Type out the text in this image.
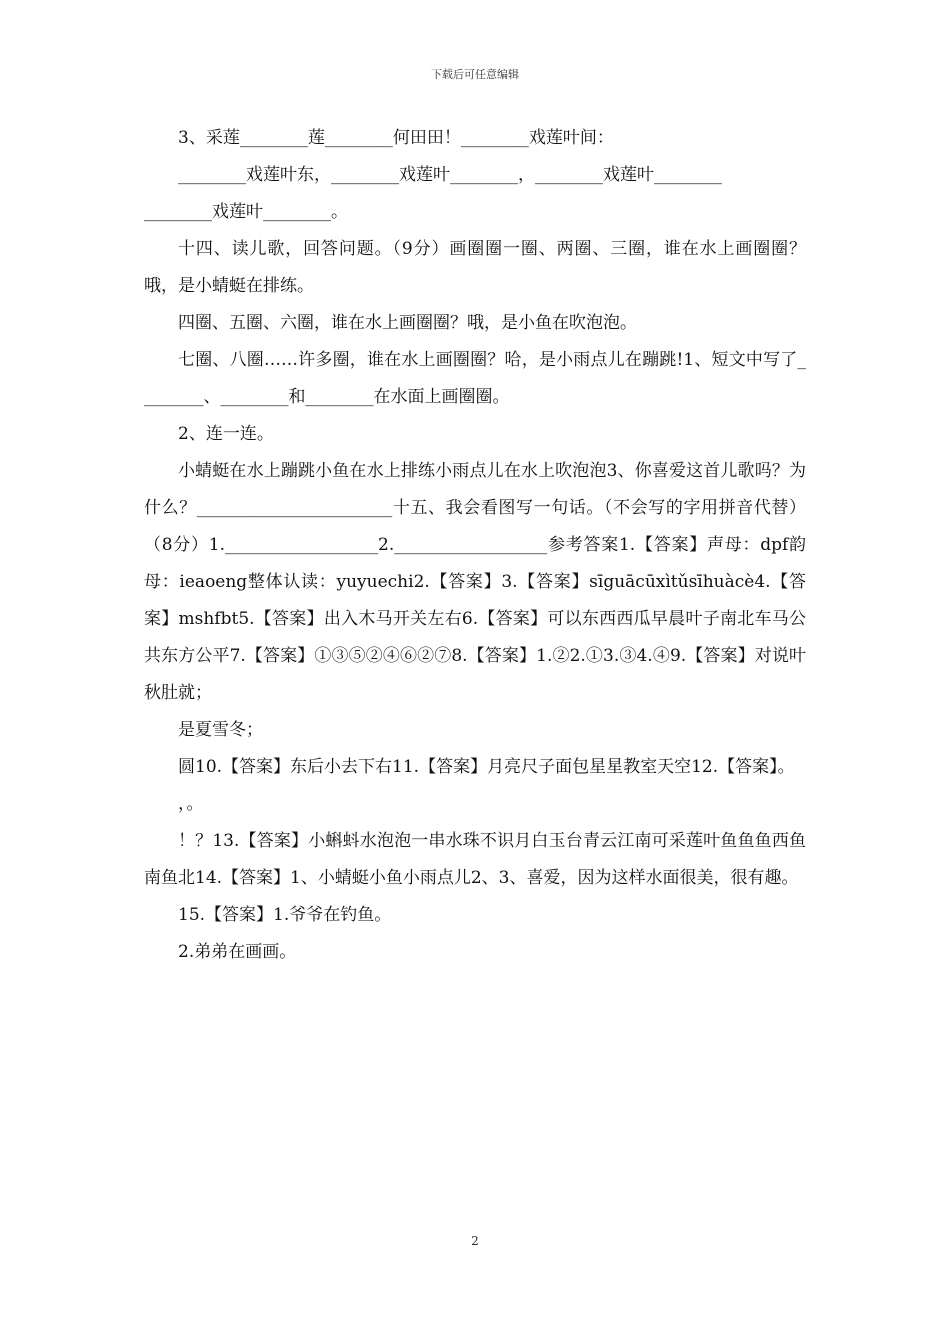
下载后可任意编辑

3、采莲________莲________何田田！________戏莲叶间：

________戏莲叶东，________戏莲叶________，________戏莲叶________

________戏莲叶________。

十四、读儿歌，回答问题。（9分）画圈圈一圈、两圈、三圈，谁在水上画圈圈？哦，是小蜻蜓在排练。

四圈、五圈、六圈，谁在水上画圈圈？哦，是小鱼在吹泡泡。

七圈、八圈……许多圈，谁在水上画圈圈？哈，是小雨点儿在蹦跳!1、短文中写了________、________和________在水面上画圈圈。

2、连一连。

小蜻蜓在水上蹦跳小鱼在水上排练小雨点儿在水上吹泡泡3、你喜爱这首儿歌吗？为什么？_______________________十五、我会看图写一句话。（不会写的字用拼音代替）（8分）1.__________________2.__________________参考答案1.【答案】声母：dpf韵母：ieaoeng整体认读：yuyuechi2.【答案】3.【答案】sīguācūxìtǔsīhuàcè4.【答案】mshfbt5.【答案】出入木马开关左右6.【答案】可以东西西瓜早晨叶子南北车马公共东方公平7.【答案】①③⑤②④⑥②⑦8.【答案】1.②2.①3.③4.④9.【答案】对说叶秋肚就；

是夏雪冬；

圆10.【答案】东后小去下右11.【答案】月亮尺子面包星星教室天空12.【答案】。

，。

！？13.【答案】小蝌蚪水泡泡一串水珠不识月白玉台青云江南可采莲叶鱼鱼鱼西鱼南鱼北14.【答案】1、小蜻蜓小鱼小雨点儿2、3、喜爱，因为这样水面很美，很有趣。

15.【答案】1.爷爷在钓鱼。

2.弟弟在画画。

2
